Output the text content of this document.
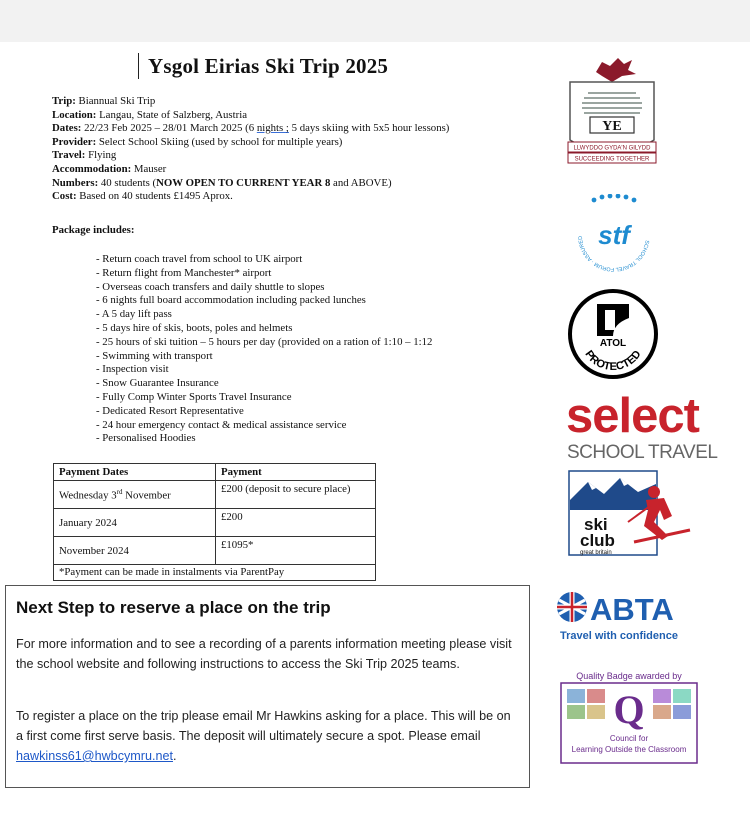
Ysgol Eirias Ski Trip 2025
Trip: Biannual Ski Trip
Location: Langau, State of Salzberg, Austria
Dates: 22/23 Feb 2025 – 28/01 March 2025 (6 nights ; 5 days skiing with 5x5 hour lessons)
Provider: Select School Skiing (used by school for multiple years)
Travel: Flying
Accommodation: Mauser
Numbers: 40 students (NOW OPEN TO CURRENT YEAR 8 and ABOVE)
Cost: Based on 40 students £1495 Aprox.
Package includes:
- Return coach travel from school to UK airport
- Return flight from Manchester* airport
- Overseas coach transfers and daily shuttle to slopes
- 6 nights full board accommodation including packed lunches
- A 5 day lift pass
- 5 days hire of skis, boots, poles and helmets
- 25 hours of ski tuition – 5 hours per day (provided on a ration of 1:10 – 1:12
- Swimming with transport
- Inspection visit
- Snow Guarantee Insurance
- Fully Comp Winter Sports Travel Insurance
- Dedicated Resort Representative
- 24 hour emergency contact & medical assistance service
- Personalised Hoodies
Payment Dates	Payment
Wednesday 3rd November	£200 (deposit to secure place)
January 2024	£200
November 2024	£1095*
*Payment can be made in instalments via ParentPay	
Next Step to reserve a place on the trip

For more information and to see a recording of a parents information meeting please visit the school website and following instructions to access the Ski Trip 2025 teams.

To register a place on the trip please email Mr Hawkins asking for a place. This will be on a first come first serve basis. The deposit will ultimately secure a spot. Please email hawkinss61@hwbcymru.net.

YE
LLWYDDO GYDA'N GILYDD
SUCCEEDING TOGETHER
stf	SCHOOL TRAVEL FORUM · ASSURED
ATOL
PROTECTED
select
SCHOOL TRAVEL
ski
club
great britain
ABTA
Travel with confidence
Quality Badge awarded by
Q
Council for
Learning Outside the Classroom
